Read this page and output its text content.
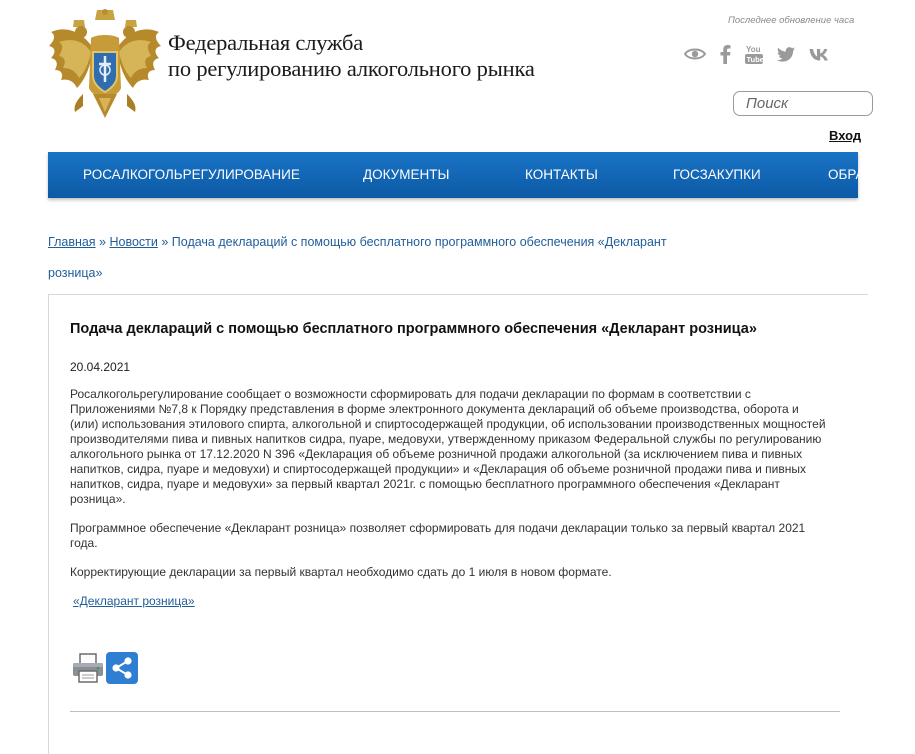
Федеральная служба
по регулированию алкогольного рынка
Последнее обновление часа
You
Tube
Поиск
Вход
РОСАЛКОГОЛЬРЕГУЛИРОВАНИЕ	ДОКУМЕНТЫ	КОНТАКТЫ	ГОСЗАКУПКИ	ОБРАЩЕНИЯ
Главная » Новости » Подача деклараций с помощью бесплатного программного обеспечения «Декларант розница»
Подача деклараций с помощью бесплатного программного обеспечения «Декларант розница»
20.04.2021

Росалкогольрегулирование сообщает о возможности сформировать для подачи декларации по формам в соответствии с Приложениями №7,8 к Порядку представления в форме электронного документа деклараций об объеме производства, оборота и (или) использования этилового спирта, алкогольной и спиртосодержащей продукции, об использовании производственных мощностей производителями пива и пивных напитков сидра, пуаре, медовухи, утвержденному приказом Федеральной службы по регулированию алкогольного рынка от 17.12.2020 N 396 «Декларация об объеме розничной продажи алкогольной (за исключением пива и пивных напитков, сидра, пуаре и медовухи) и спиртосодержащей продукции» и «Декларация об объеме розничной продажи пива и пивных напитков, сидра, пуаре и медовухи» за первый квартал 2021г. с помощью бесплатного программного обеспечения «Декларант розница».

Программное обеспечение «Декларант розница» позволяет сформировать для подачи декларации только за первый квартал 2021 года.

Корректирующие декларации за первый квартал необходимо сдать до 1 июля в новом формате.

«Декларант розница»
